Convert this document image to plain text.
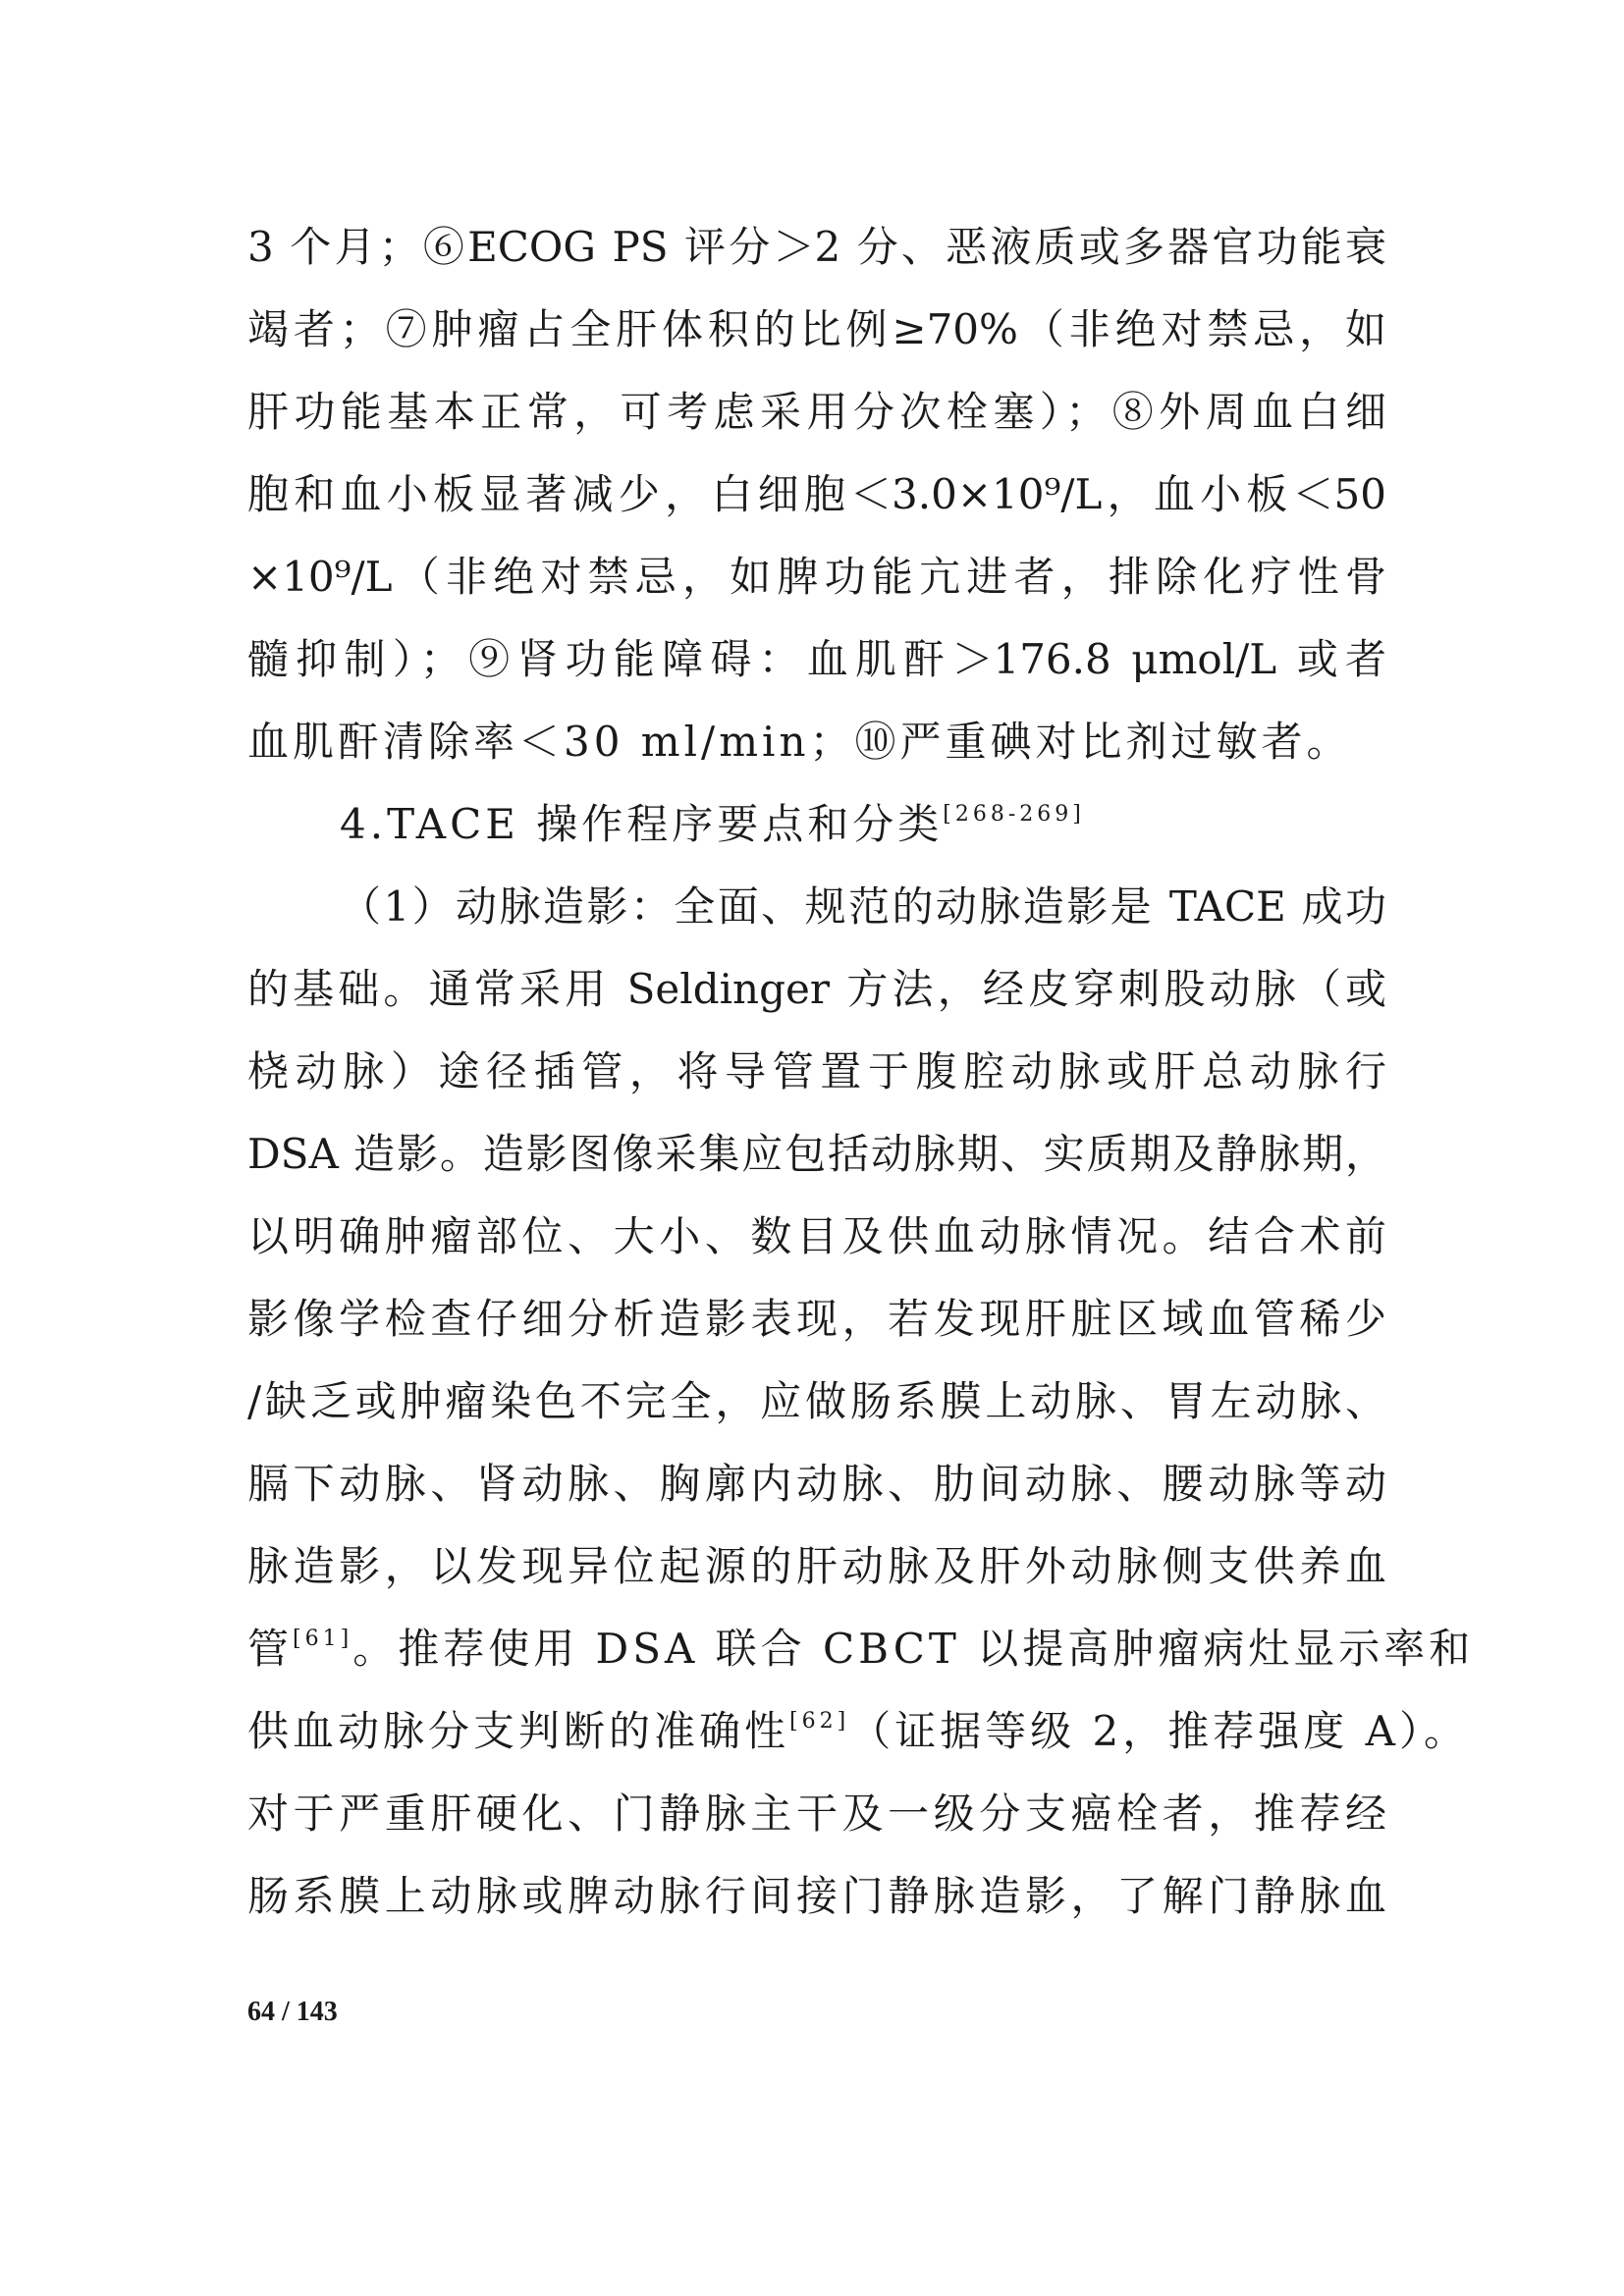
3 个月；⑥ECOG PS 评分＞2 分、恶液质或多器官功能衰
竭者；⑦肿瘤占全肝体积的比例≥70%（非绝对禁忌，如
肝功能基本正常，可考虑采用分次栓塞）；⑧外周血白细
胞和血小板显著减少，白细胞＜3.0×10⁹/L，血小板＜50
×10⁹/L（非绝对禁忌，如脾功能亢进者，排除化疗性骨
髓抑制）；⑨肾功能障碍：血肌酐＞176.8 μmol/L 或者
血肌酐清除率＜30 ml/min；⑩严重碘对比剂过敏者。
4.TACE 操作程序要点和分类[268-269]
（1）动脉造影：全面、规范的动脉造影是 TACE 成功
的基础。通常采用 Seldinger 方法，经皮穿刺股动脉（或
桡动脉）途径插管，将导管置于腹腔动脉或肝总动脉行
DSA 造影。造影图像采集应包括动脉期、实质期及静脉期，
以明确肿瘤部位、大小、数目及供血动脉情况。结合术前
影像学检查仔细分析造影表现，若发现肝脏区域血管稀少
/缺乏或肿瘤染色不完全，应做肠系膜上动脉、胃左动脉、
膈下动脉、肾动脉、胸廓内动脉、肋间动脉、腰动脉等动
脉造影，以发现异位起源的肝动脉及肝外动脉侧支供养血
管[61]。推荐使用 DSA 联合 CBCT 以提高肿瘤病灶显示率和
供血动脉分支判断的准确性[62]（证据等级 2，推荐强度 A）。
对于严重肝硬化、门静脉主干及一级分支癌栓者，推荐经
肠系膜上动脉或脾动脉行间接门静脉造影，了解门静脉血
64 / 143
